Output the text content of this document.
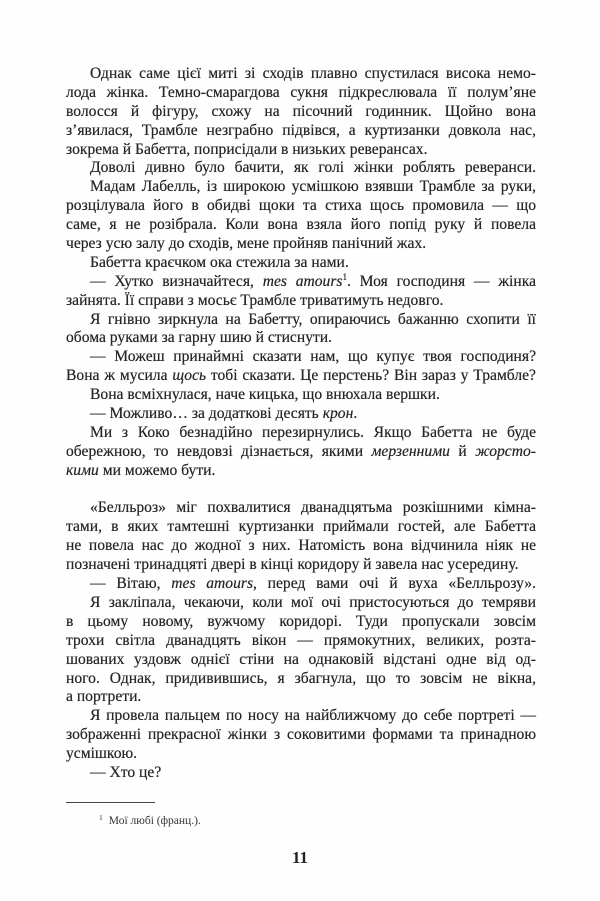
Однак саме цієї миті зі сходів плавно спустилася висока немо-
лода жінка. Темно-смарагдова сукня підкреслювала її полум’яне
волосся й фігуру, схожу на пісочний годинник. Щойно вона
з’явилася, Трамбле незграбно підвівся, а куртизанки довкола нас,
зокрема й Бабетта, поприсідали в низьких реверансах.
Доволі дивно було бачити, як голі жінки роблять реверанси.
Мадам Лабелль, із широкою усмішкою взявши Трамбле за руки,
розцілувала його в обидві щоки та стиха щось промовила — що
саме, я не розібрала. Коли вона взяла його попід руку й повела
через усю залу до сходів, мене пройняв панічний жах.
Бабетта краєчком ока стежила за нами.
— Хутко визначайтеся, mes amours$^1$. Моя господиня — жінка
зайнята. Її справи з мосьє Трамбле триватимуть недовго.
Я гнівно зиркнула на Бабетту, опираючись бажанню схопити її
обома руками за гарну шию й стиснути.
— Можеш принаймні сказати нам, що купує твоя господиня?
Вона ж мусила щось тобі сказати. Це перстень? Він зараз у Трамбле?
Вона всміхнулася, наче кицька, що внюхала вершки.
— Можливо… за додаткові десять крон.
Ми з Коко безнадійно перезирнулись. Якщо Бабетта не буде
обережною, то невдовзі дізнається, якими мерзенними й жорсто-
кими ми можемо бути.
«Белльроз» міг похвалитися дванадцятьма розкішними кімна-
тами, в яких тамтешні куртизанки приймали гостей, але Бабетта
не повела нас до жодної з них. Натомість вона відчинила ніяк не
позначені тринадцяті двері в кінці коридору й завела нас усередину.
— Вітаю, mes amours, перед вами очі й вуха «Белльрозу».
Я закліпала, чекаючи, коли мої очі пристосуються до темряви
в цьому новому, вужчому коридорі. Туди пропускали зовсім
трохи світла дванадцять вікон — прямокутних, великих, розта-
шованих уздовж однієї стіни на однаковій відстані одне від од-
ного. Однак, придивившись, я збагнула, що то зовсім не вікна,
а портрети.
Я провела пальцем по носу на найближчому до себе портреті —
зображенні прекрасної жінки з соковитими формами та принадною
усмішкою.
— Хто це?
$^1$ Мої любі (франц.).
11
